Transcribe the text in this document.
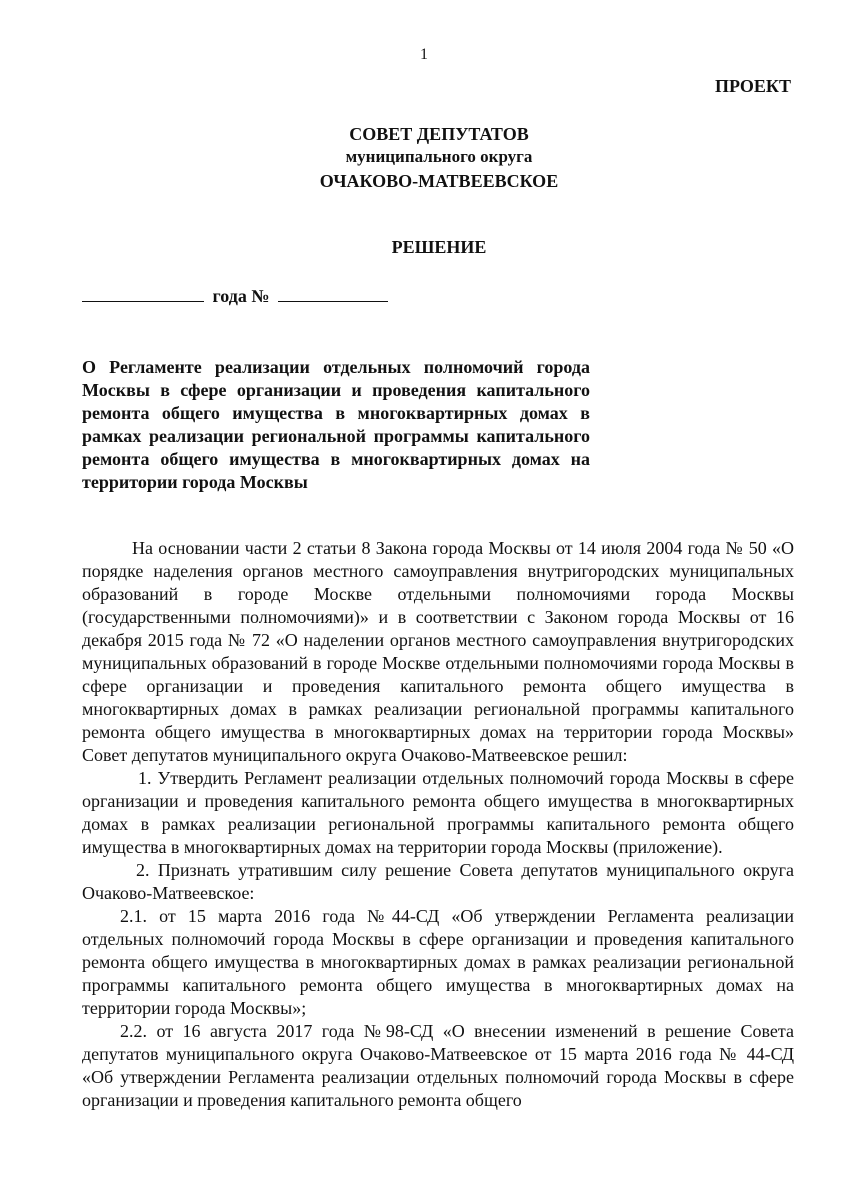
1
ПРОЕКТ
СОВЕТ ДЕПУТАТОВ
муниципального округа
ОЧАКОВО-МАТВЕЕВСКОЕ
РЕШЕНИЕ
года №
О Регламенте реализации отдельных полномочий города Москвы в сфере организации и проведения капитального ремонта общего имущества в многоквартирных домах в рамках реализации региональной программы капитального ремонта общего имущества в многоквартирных домах на территории города Москвы

На основании части 2 статьи 8 Закона города Москвы от 14 июля 2004 года № 50 «О порядке наделения органов местного самоуправления внутригородских муниципальных образований в городе Москве отдельными полномочиями города Москвы (государственными полномочиями)» и в соответствии с Законом города Москвы от 16 декабря 2015 года № 72 «О наделении органов местного самоуправления внутригородских муниципальных образований в городе Москве отдельными полномочиями города Москвы в сфере организации и проведения капитального ремонта общего имущества в многоквартирных домах в рамках реализации региональной программы капитального ремонта общего имущества в многоквартирных домах на территории города Москвы» Совет депутатов муниципального округа Очаково-Матвеевское решил:

1. Утвердить Регламент реализации отдельных полномочий города Москвы в сфере организации и проведения капитального ремонта общего имущества в многоквартирных домах в рамках реализации региональной программы капитального ремонта общего имущества в многоквартирных домах на территории города Москвы (приложение).

2. Признать утратившим силу решение Совета депутатов муниципального округа Очаково-Матвеевское:

2.1. от 15 марта 2016 года №44-СД «Об утверждении Регламента реализации отдельных полномочий города Москвы в сфере организации и проведения капитального ремонта общего имущества в многоквартирных домах в рамках реализации региональной программы капитального ремонта общего имущества в многоквартирных домах на территории города Москвы»;

2.2. от 16 августа 2017 года №98-СД «О внесении изменений в решение Совета депутатов муниципального округа Очаково-Матвеевское от 15 марта 2016 года № 44-СД «Об утверждении Регламента реализации отдельных полномочий города Москвы в сфере организации и проведения капитального ремонта общего
